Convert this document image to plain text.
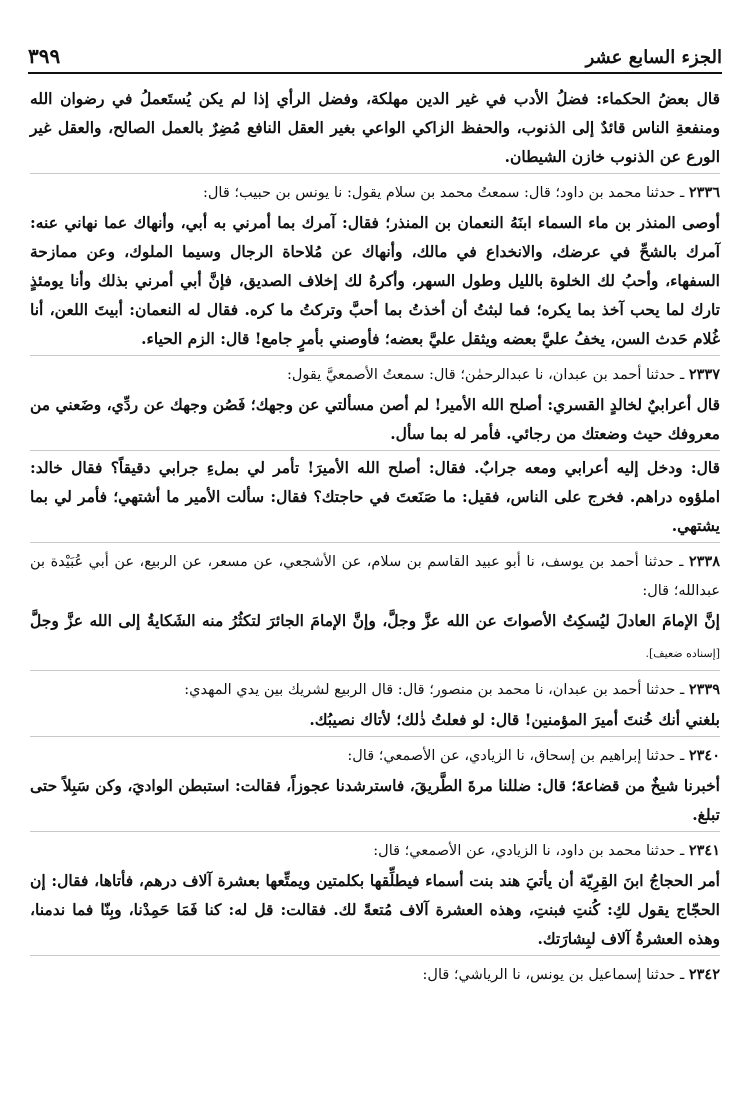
الجزء السابع عشر
٣٩٩

قال بعضُ الحكماء: فضلُ الأدب في غير الدين مهلكة، وفضل الرأي إذا لم يكن يُستَعملُ في رضوان الله ومنفعةِ الناس قائدٌ إلى الذنوب، والحفظ الزاكي الواعي بغير العقل النافع مُضِرٌ بالعمل الصالح، والعقل غير الورع عن الذنوب خازن الشيطان.

٢٣٣٦ ـ حدثنا محمد بن داود؛ قال: سمعتُ محمد بن سلام يقول: نا يونس بن حبيب؛ قال:

أوصى المنذر بن ماء السماء ابنَهُ النعمان بن المنذر؛ فقال: آمرك بما أمرني به أبي، وأنهاك عما نهاني عنه: آمرك بالشحِّ في عرضك، والانخداع في مالك، وأنهاك عن مُلاحاة الرجال وسيما الملوك، وعن ممازحة السفهاء، وأحبُ لك الخلوة بالليل وطول السهر، وأكرهُ لك إخلاف الصديق، فإنَّ أبي أمرني بذلك وأنا يومئذٍ تارك لما يحب آخذ بما يكره؛ فما لبثتُ أن أخذتُ بما أحبَّ وتركتُ ما كره. فقال له النعمان: أبيتَ اللعن، أنا غُلام حَدث السن، يخفُ عليَّ بعضه ويثقل عليَّ بعضه؛ فأوصني بأمرٍ جامع! قال: الزم الحياء.

٢٣٣٧ ـ حدثنا أحمد بن عبدان، نا عبدالرحمٰن؛ قال: سمعتُ الأصمعيَّ يقول:

قال أعرابيٌ لخالدٍ القسري: أصلح الله الأمير! لم أصن مسألتي عن وجهك؛ فَصُن وجهك عن ردِّي، وضَعني من معروفك حيث وضعتك من رجائي. فأمر له بما سأل.

قال: ودخل إليه أعرابي ومعه جرابٌ. فقال: أصلح الله الأميرَ! تأمر لي بملءِ جرابي دقيقاً؟ فقال خالد: املؤوه دراهم. فخرج على الناس، فقيل: ما صَنَعتَ في حاجتك؟ فقال: سألت الأمير ما أشتهي؛ فأمر لي بما يشتهي.

٢٣٣٨ ـ حدثنا أحمد بن يوسف، نا أبو عبيد القاسم بن سلام، عن الأشجعي، عن مسعر، عن الربيع، عن أبي عُبَيْدة بن عبدالله؛ قال:

إنَّ الإمامَ العادلَ ليُسكِتُ الأصواتَ عن الله عزَّ وجلَّ، وإنَّ الإمامَ الجائرَ لتكثُرُ منه الشَكايةُ إلى الله عزَّ وجلَّ [إسناده ضعيف].

٢٣٣٩ ـ حدثنا أحمد بن عبدان، نا محمد بن منصور؛ قال: قال الربيع لشريك بين يدي المهدي:

بلغني أنك خُنتَ أميرَ المؤمنين! قال: لو فعلتُ ذٰلك؛ لأتاك نصيبُك.

٢٣٤٠ ـ حدثنا إبراهيم بن إسحاق، نا الزيادي، عن الأصمعي؛ قال:

أخبرنا شيخٌ من قضاعةَ؛ قال: ضللنا مرةَ الطَّريقَ، فاسترشدنا عجوزاً، فقالت: استبطن الواديَ، وكن سَبِلاً حتى تبلغ.

٢٣٤١ ـ حدثنا محمد بن داود، نا الزيادي، عن الأصمعي؛ قال:

أمر الحجاجُ ابنَ القِرِيّة أن يأتيَ هند بنت أسماء فيطلِّقها بكلمتين ويمتِّعها بعشرة آلاف درهم، فأتاها، فقال: إن الحجّاج يقول لكِ: كُنتِ فبنتِ، وهذه العشرة آلاف مُتعةً لك. فقالت: قل له: كنا فَمَا حَمِدْنا، وبِنّا فما ندمنا، وهذه العشرةُ آلاف لبِشارَتك.

٢٣٤٢ ـ حدثنا إسماعيل بن يونس، نا الرياشي؛ قال:
